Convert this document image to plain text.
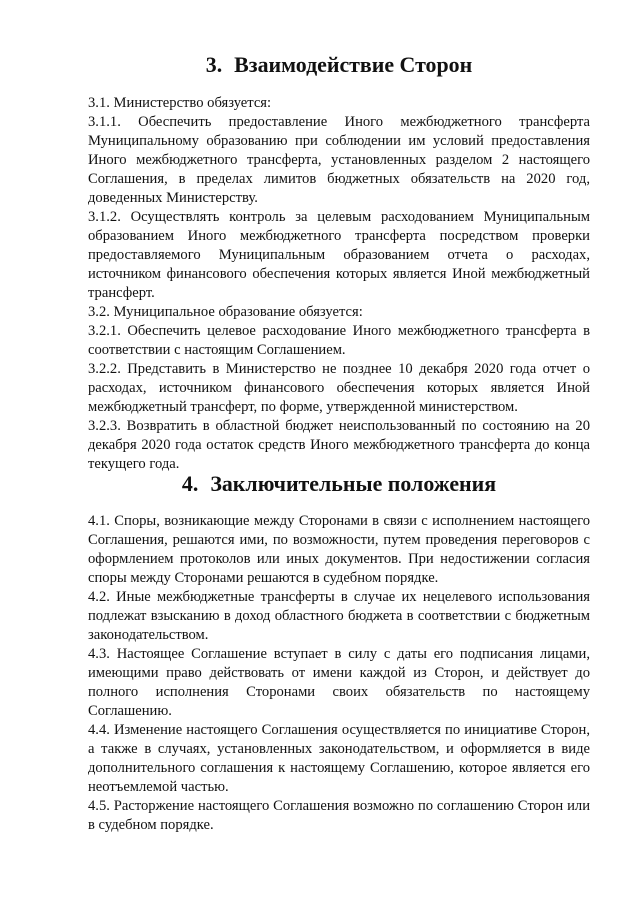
3. Взаимодействие Сторон

3.1. Министерство обязуется:

3.1.1. Обеспечить предоставление Иного межбюджетного трансферта Муниципальному образованию при соблюдении им условий предоставления Иного межбюджетного трансферта, установленных разделом 2 настоящего Соглашения, в пределах лимитов бюджетных обязательств на 2020 год, доведенных Министерству.

3.1.2. Осуществлять контроль за целевым расходованием Муниципальным образованием Иного межбюджетного трансферта посредством проверки предоставляемого Муниципальным образованием отчета о расходах, источником финансового обеспечения которых является Иной межбюджетный трансферт.

3.2. Муниципальное образование обязуется:

3.2.1. Обеспечить целевое расходование Иного межбюджетного трансферта в соответствии с настоящим Соглашением.

3.2.2. Представить в Министерство не позднее 10 декабря 2020 года отчет о расходах, источником финансового обеспечения которых является Иной межбюджетный трансферт, по форме, утвержденной министерством.

3.2.3. Возвратить в областной бюджет неиспользованный по состоянию на 20 декабря 2020 года остаток средств Иного межбюджетного трансферта до конца текущего года.

4. Заключительные положения

4.1. Споры, возникающие между Сторонами в связи с исполнением настоящего Соглашения, решаются ими, по возможности, путем проведения переговоров с оформлением протоколов или иных документов. При недостижении согласия споры между Сторонами решаются в судебном порядке.

4.2. Иные межбюджетные трансферты в случае их нецелевого использования подлежат взысканию в доход областного бюджета в соответствии с бюджетным законодательством.

4.3. Настоящее Соглашение вступает в силу с даты его подписания лицами, имеющими право действовать от имени каждой из Сторон, и действует до полного исполнения Сторонами своих обязательств по настоящему Соглашению.

4.4. Изменение настоящего Соглашения осуществляется по инициативе Сторон, а также в случаях, установленных законодательством, и оформляется в виде дополнительного соглашения к настоящему Соглашению, которое является его неотъемлемой частью.

4.5. Расторжение настоящего Соглашения возможно по соглашению Сторон или в судебном порядке.
